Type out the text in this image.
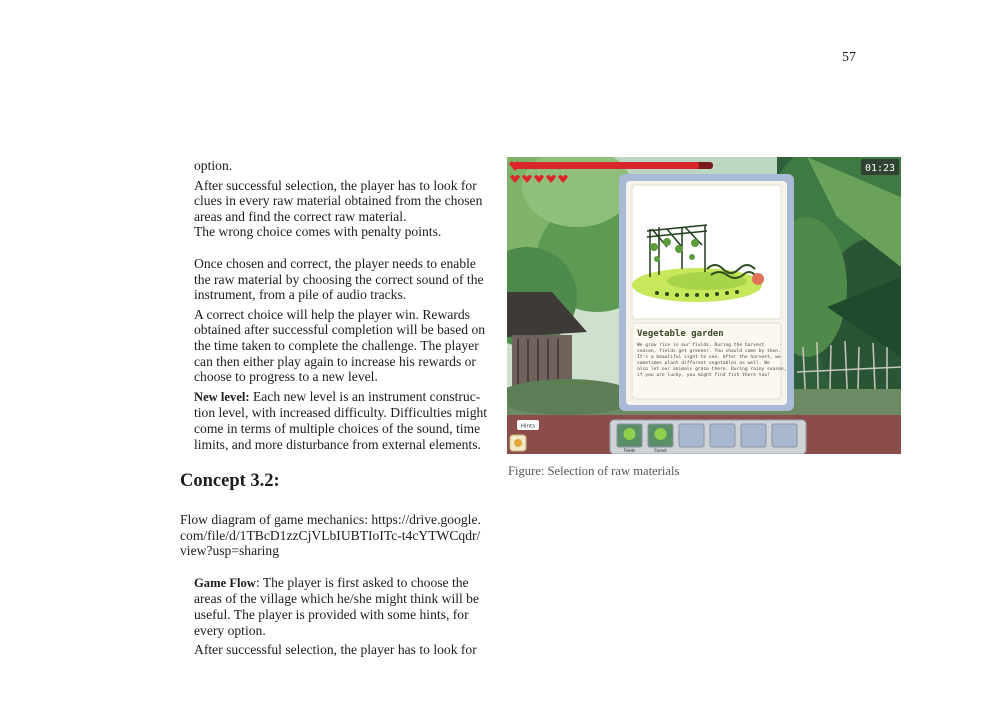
57
option.
After successful selection, the player has to look for
clues in every raw material obtained from the chosen
areas and find the correct raw material.
The wrong choice comes with penalty points.
Once chosen and correct, the player needs to enable
the raw material by choosing the correct sound of the
instrument, from a pile of audio tracks.
A correct choice will help the player win. Rewards
obtained after successful completion will be based on
the time taken to complete the challenge. The player
can then either play again to increase his rewards or
choose to progress to a new level.
New level: Each new level is an instrument construc-
tion level, with increased difficulty. Difficulties might
come in terms of multiple choices of the sound, time
limits, and more disturbance from external elements.
Concept 3.2:
Flow diagram of game mechanics: https://drive.google.
com/file/d/1TBcD1zzCjVLbIUBTIoITc-t4cYTWCqdr/
view?usp=sharing
Game Flow: The player is first asked to choose the
areas of the village which he/she might think will be
useful. The player is provided with some hints, for
every option.
After successful selection, the player has to look for
01:23
Vegetable garden
We grow rice in our fields. During the harvest
season, fields get greener. You should come by then.
It's a beautiful sight to see. After the harvest, we
sometimes plant different vegetables as well. We
also let our animals graze there. During rainy season,
if you are lucky, you might find fish there too!
Hints
Fields	Forest
Figure: Selection of raw materials
